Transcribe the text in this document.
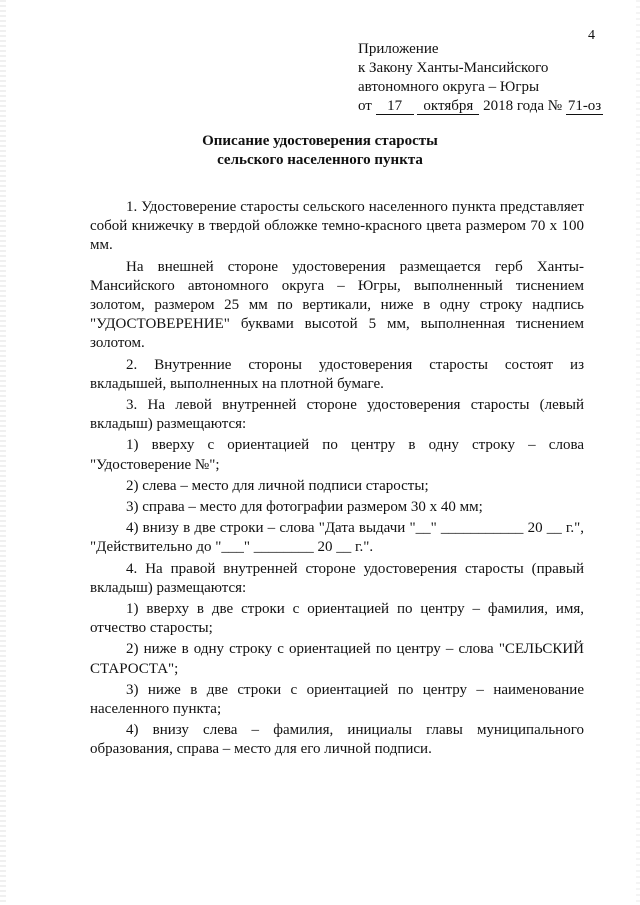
4
Приложение
к Закону Ханты-Мансийского
автономного округа – Югры
от 17 октября 2018 года № 71-оз
Описание удостоверения старосты
сельского населенного пункта

1. Удостоверение старосты сельского населенного пункта представляет собой книжечку в твердой обложке темно-красного цвета размером 70 х 100 мм.

На внешней стороне удостоверения размещается герб Ханты-Мансийского автономного округа – Югры, выполненный тиснением золотом, размером 25 мм по вертикали, ниже в одну строку надпись "УДОСТОВЕРЕНИЕ" буквами высотой 5 мм, выполненная тиснением золотом.

2. Внутренние стороны удостоверения старосты состоят из вкладышей, выполненных на плотной бумаге.

3. На левой внутренней стороне удостоверения старосты (левый вкладыш) размещаются:

1) вверху с ориентацией по центру в одну строку – слова "Удостоверение №";

2) слева – место для личной подписи старосты;

3) справа – место для фотографии размером 30 х 40 мм;

4) внизу в две строки – слова "Дата выдачи "__" ___________ 20 __ г.", "Действительно до "___" ________ 20 __ г.".

4. На правой внутренней стороне удостоверения старосты (правый вкладыш) размещаются:

1) вверху в две строки с ориентацией по центру – фамилия, имя, отчество старосты;

2) ниже в одну строку с ориентацией по центру – слова "СЕЛЬСКИЙ СТАРОСТА";

3) ниже в две строки с ориентацией по центру – наименование населенного пункта;

4) внизу слева – фамилия, инициалы главы муниципального образования, справа – место для его личной подписи.
